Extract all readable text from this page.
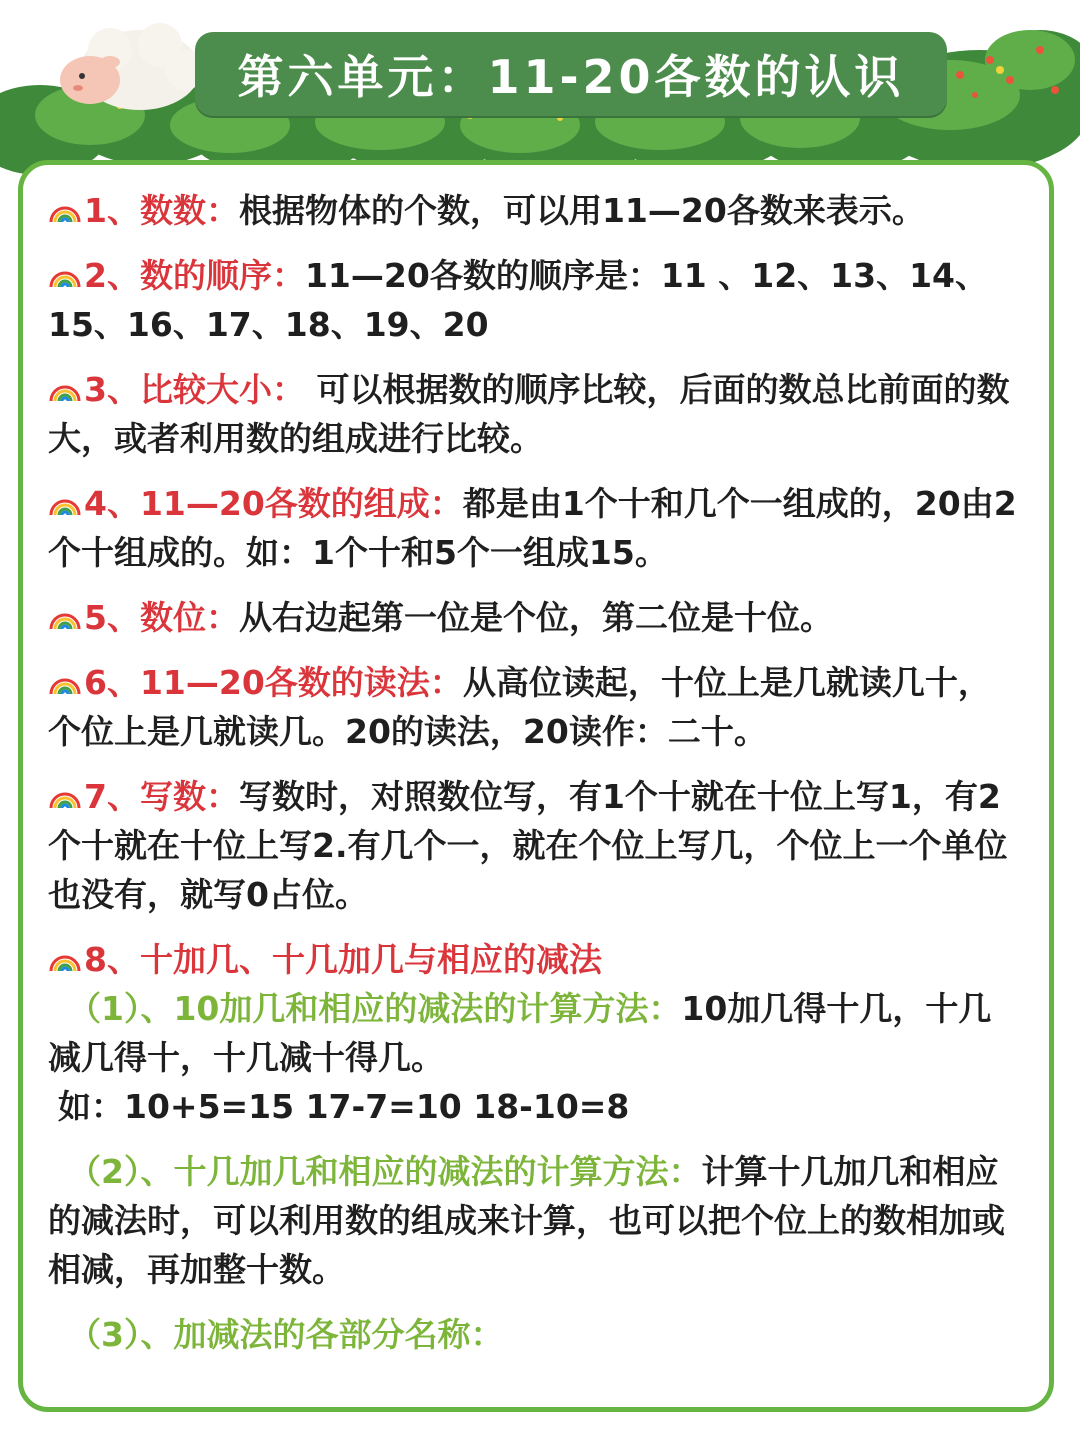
第六单元：11-20各数的认识
1、数数：根据物体的个数，可以用11—20各数来表示。
2、数的顺序：11—20各数的顺序是：11 、12、13、14、15、16、17、18、19、20
3、比较大小： 可以根据数的顺序比较，后面的数总比前面的数大，或者利用数的组成进行比较。
4、11—20各数的组成：都是由1个十和几个一组成的，20由2个十组成的。如：1个十和5个一组成15。
5、数位：从右边起第一位是个位，第二位是十位。
6、11—20各数的读法：从高位读起，十位上是几就读几十，个位上是几就读几。20的读法，20读作：二十。
7、写数：写数时，对照数位写，有1个十就在十位上写1，有2个十就在十位上写2.有几个一，就在个位上写几，个位上一个单位也没有，就写0占位。
8、十加几、十几加几与相应的减法
（1）、10加几和相应的减法的计算方法：10加几得十几，十几减几得十，十几减十得几。
如：10+5=15 17-7=10 18-10=8
（2）、十几加几和相应的减法的计算方法：计算十几加几和相应的减法时，可以利用数的组成来计算，也可以把个位上的数相加或相减，再加整十数。
（3）、加减法的各部分名称：
